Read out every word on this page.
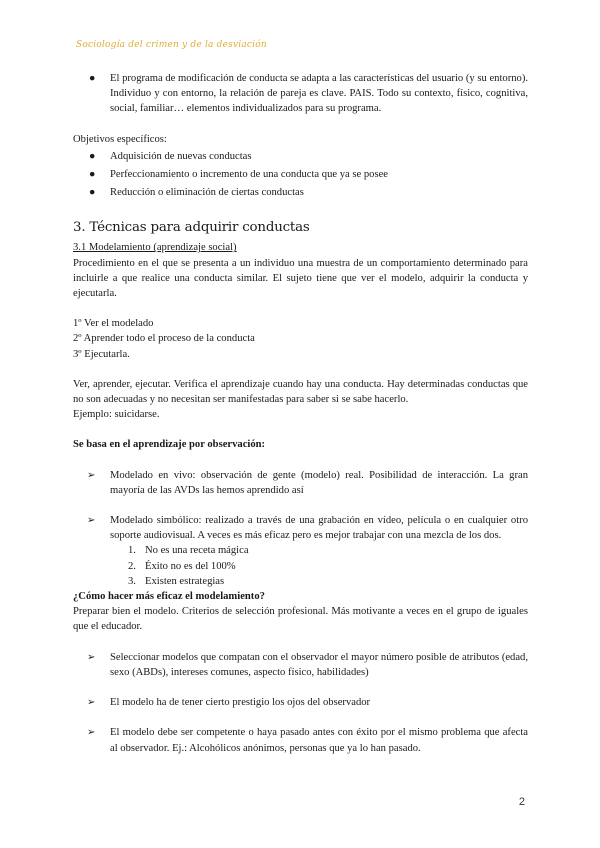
Sociología del crimen y de la desviación
● El programa de modificación de conducta se adapta a las características del usuario (y su entorno). Individuo y con entorno, la relación de pareja es clave. PAIS. Todo su contexto, físico, cognitiva, social, familiar… elementos individualizados para su programa.

Objetivos específicos:

● Adquisición de nuevas conductas
● Perfeccionamiento o incremento de una conducta que ya se posee
● Reducción o eliminación de ciertas conductas
3. Técnicas para adquirir conductas

3.1 Modelamiento (aprendizaje social)

Procedimiento en el que se presenta a un individuo una muestra de un comportamiento determinado para incluirle a que realice una conducta similar. El sujeto tiene que ver el modelo, adquirir la conducta y ejecutarla.

1º Ver el modelado

2º Aprender todo el proceso de la conducta

3º Ejecutarla.

Ver, aprender, ejecutar. Verifica el aprendizaje cuando hay una conducta. Hay determinadas conductas que no son adecuadas y no necesitan ser manifestadas para saber si se sabe hacerlo.

Ejemplo: suicidarse.

Se basa en el aprendizaje por observación:

➢ Modelado en vivo: observación de gente (modelo) real. Posibilidad de interacción. La gran mayoría de las AVDs las hemos aprendido así
➢ Modelado simbólico: realizado a través de una grabación en vídeo, película o en cualquier otro soporte audiovisual. A veces es más eficaz pero es mejor trabajar con una mezcla de los dos.
1. No es una receta mágica
2. Éxito no es del 100%
3. Existen estrategias

¿Cómo hacer más eficaz el modelamiento?

Preparar bien el modelo. Criterios de selección profesional. Más motivante a veces en el grupo de iguales que el educador.

➢ Seleccionar modelos que compatan con el observador el mayor número posible de atributos (edad, sexo (ABDs), intereses comunes, aspecto físico, habilidades)
➢ El modelo ha de tener cierto prestigio los ojos del observador
➢ El modelo debe ser competente o haya pasado antes con éxito por el mismo problema que afecta al observador. Ej.: Alcohólicos anónimos, personas que ya lo han pasado.
2
